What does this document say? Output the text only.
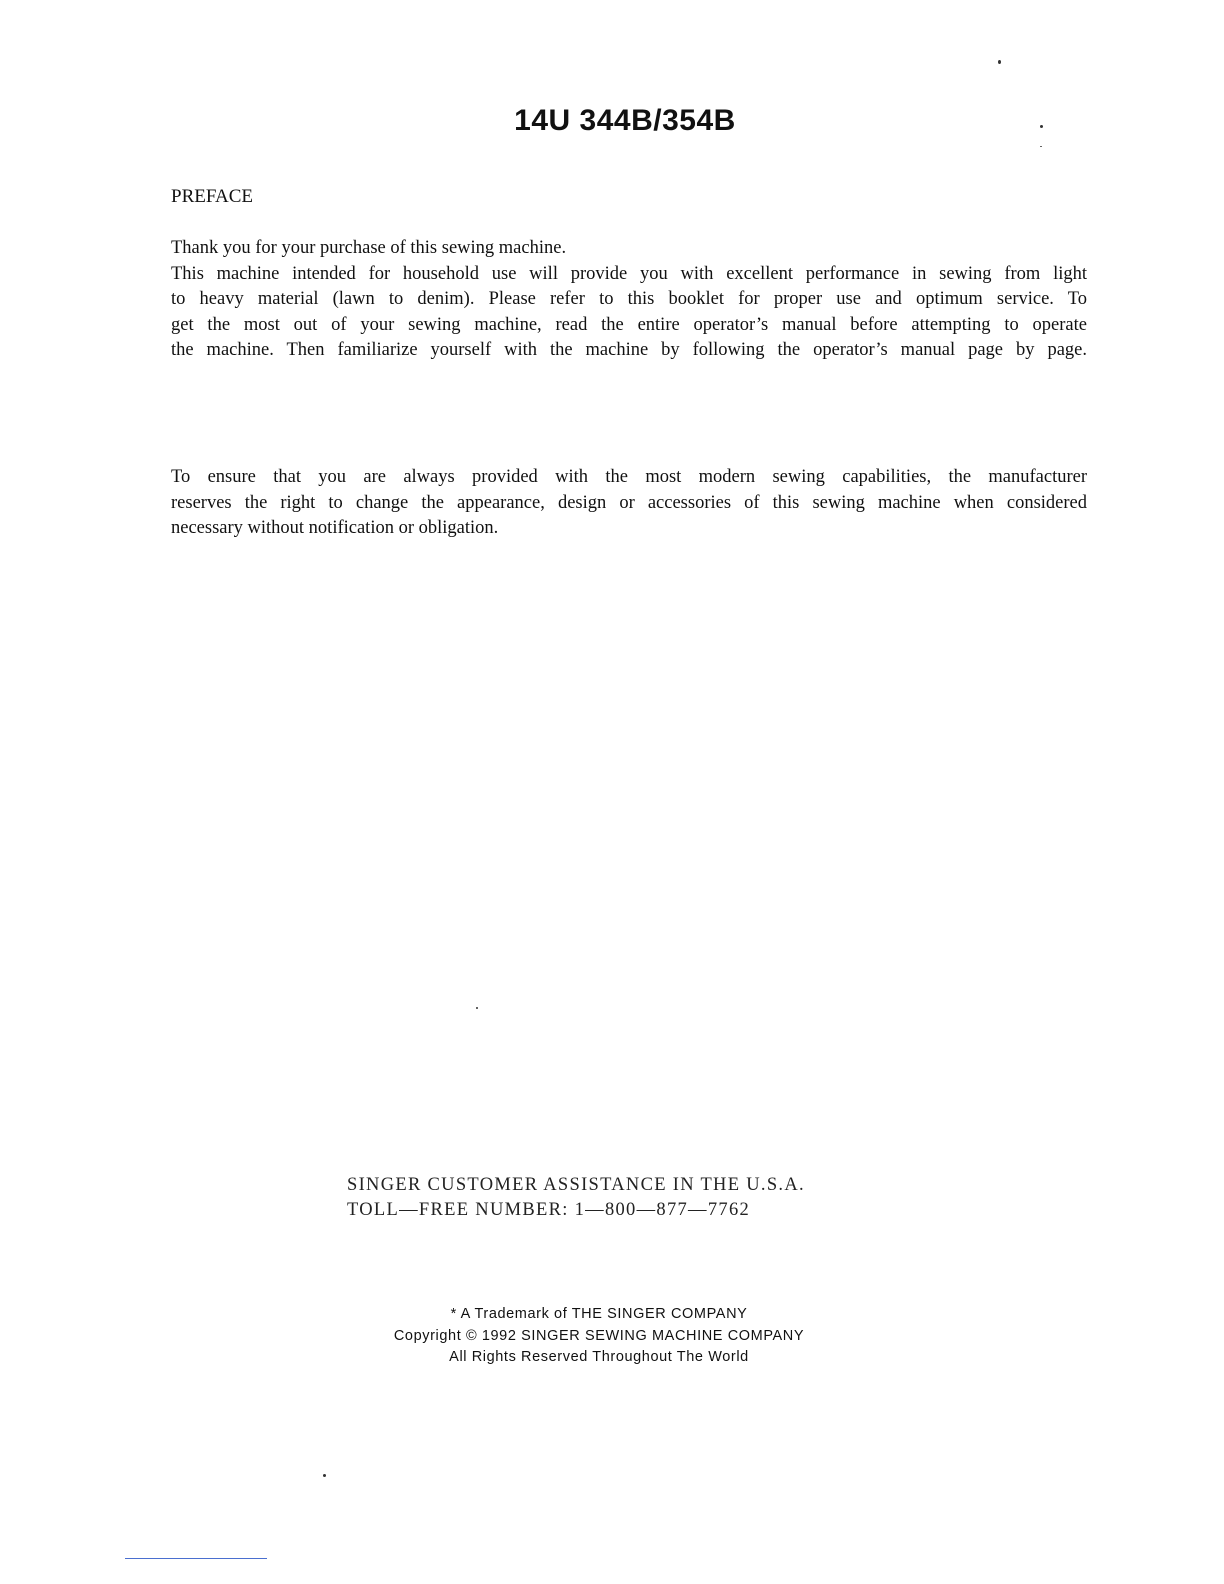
14U 344B/354B
PREFACE

Thank you for your purchase of this sewing machine.
This machine intended for household use will provide you with excellent performance in sewing from light
to heavy material (lawn to denim). Please refer to this booklet for proper use and optimum service. To
get the most out of your sewing machine, read the entire operator’s manual before attempting to operate
the machine. Then familiarize yourself with the machine by following the operator’s manual page by page.

To ensure that you are always provided with the most modern sewing capabilities, the manufacturer
reserves the right to change the appearance, design or accessories of this sewing machine when considered
necessary without notification or obligation.

SINGER CUSTOMER ASSISTANCE IN THE U.S.A.
TOLL—FREE NUMBER: 1—800—877—7762
* A Trademark of THE SINGER COMPANY
Copyright © 1992 SINGER SEWING MACHINE COMPANY
All Rights Reserved Throughout The World
